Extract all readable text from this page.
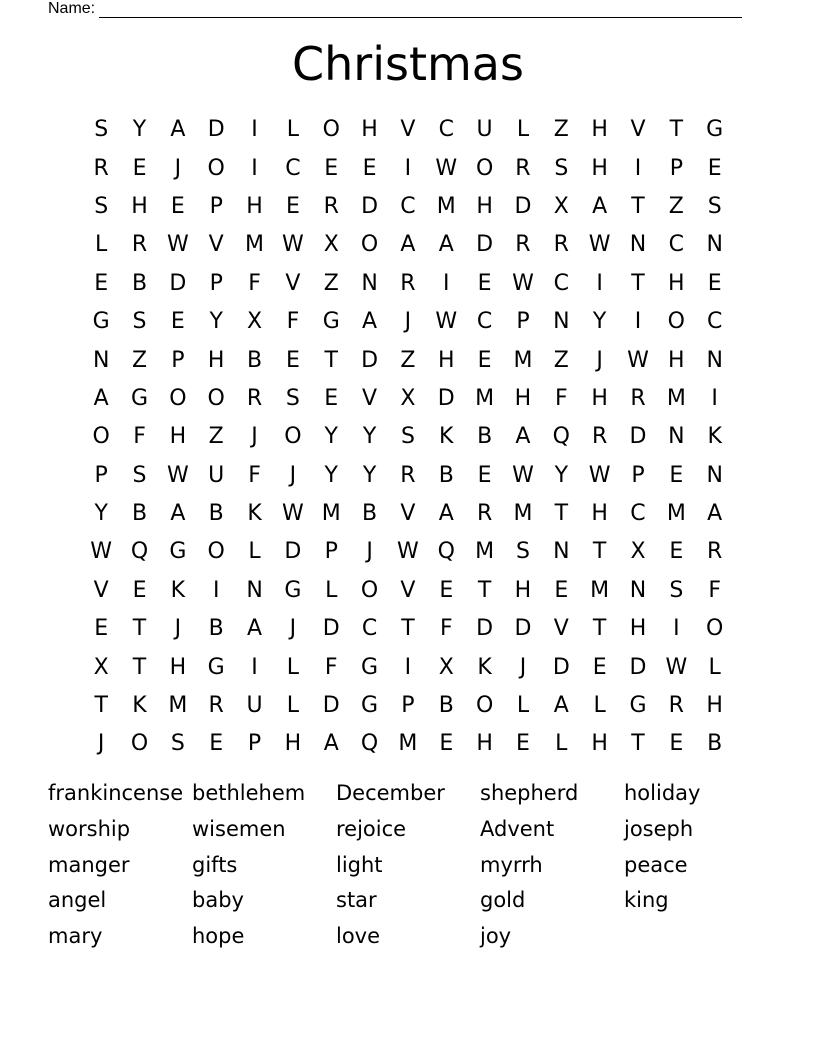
Name:
Christmas
S	Y	A	D	I	L	O H	V	C	U	L	Z	H	V	T	G
R	E	J	O	I	C	E	E	I	W O	R	S	H	I	P	E
S	H	E	P	H	E	R	D	C M H D	X	A	T	Z	S
L	R W V M W X	O	A	A	D	R	R W N	C	N
E	B	D	P	F	V	Z	N	R	I	E W C	I	T	H	E
G	S	E	Y	X	F	G	A	J	W C	P	N	Y	I	O	C
N	Z	P	H	B	E	T	D	Z	H	E M Z	J	W H N
A	G O O	R	S	E	V	X	D M H	F	H	R M	I
O	F	H	Z	J	O	Y	Y	S	K	B	A	Q	R	D N	K
P	S W U	F	J	Y	Y	R	B	E W Y W P	E	N
Y	B	A	B	K W M B	V	A	R M	T	H	C M A
W Q G O	L	D	P	J	W Q M S	N	T	X	E	R
V	E	K	I	N G	L	O	V	E	T	H	E M N	S	F
E	T	J	B	A	J	D	C	T	F	D D	V	T	H	I	O
X	T	H G	I	L	F	G	I	X	K	J	D	E	D W L
T	K M R	U	L	D G	P	B	O	L	A	L	G	R	H
J	O	S	E	P	H	A	Q M E	H	E	L	H	T	E	B
frankincense bethlehem	December	shepherd	holiday
worship	wisemen	rejoice	Advent	joseph
manger	gifts	light	myrrh	peace
angel	baby	star	gold	king
mary	hope	love	joy
